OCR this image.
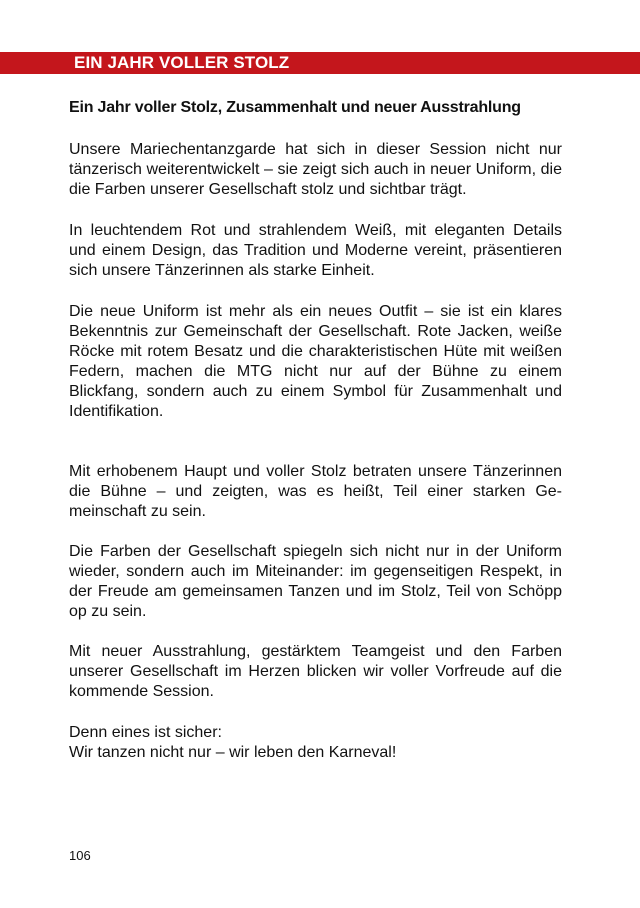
EIN JAHR VOLLER STOLZ

Ein Jahr voller Stolz, Zusammenhalt und neuer Ausstrahlung

Unsere Mariechentanzgarde hat sich in dieser Session nicht nur tänzerisch weiterentwickelt – sie zeigt sich auch in neuer Uniform, die die Farben unserer Gesellschaft stolz und sichtbar trägt.

In leuchtendem Rot und strahlendem Weiß, mit eleganten Details und einem Design, das Tradition und Moderne vereint, präsentieren sich unsere Tänzerinnen als starke Einheit.

Die neue Uniform ist mehr als ein neues Outfit – sie ist ein klares Bekenntnis zur Gemeinschaft der Gesellschaft. Rote Jacken, weiße Röcke mit rotem Besatz und die charakteristischen Hüte mit weißen Federn, machen die MTG nicht nur auf der Bühne zu einem Blickfang, sondern auch zu einem Symbol für Zusammenhalt und Identifikation.

Mit erhobenem Haupt und voller Stolz betraten unsere Tänzerinnen die Bühne – und zeigten, was es heißt, Teil einer starken Gemeinschaft zu sein.

Die Farben der Gesellschaft spiegeln sich nicht nur in der Uniform wieder, sondern auch im Miteinander: im gegenseitigen Respekt, in der Freude am gemeinsamen Tanzen und im Stolz, Teil von Schöpp op zu sein.

Mit neuer Ausstrahlung, gestärktem Teamgeist und den Farben unserer Gesellschaft im Herzen blicken wir voller Vorfreude auf die kommende Session.

Denn eines ist sicher:
Wir tanzen nicht nur – wir leben den Karneval!
106
